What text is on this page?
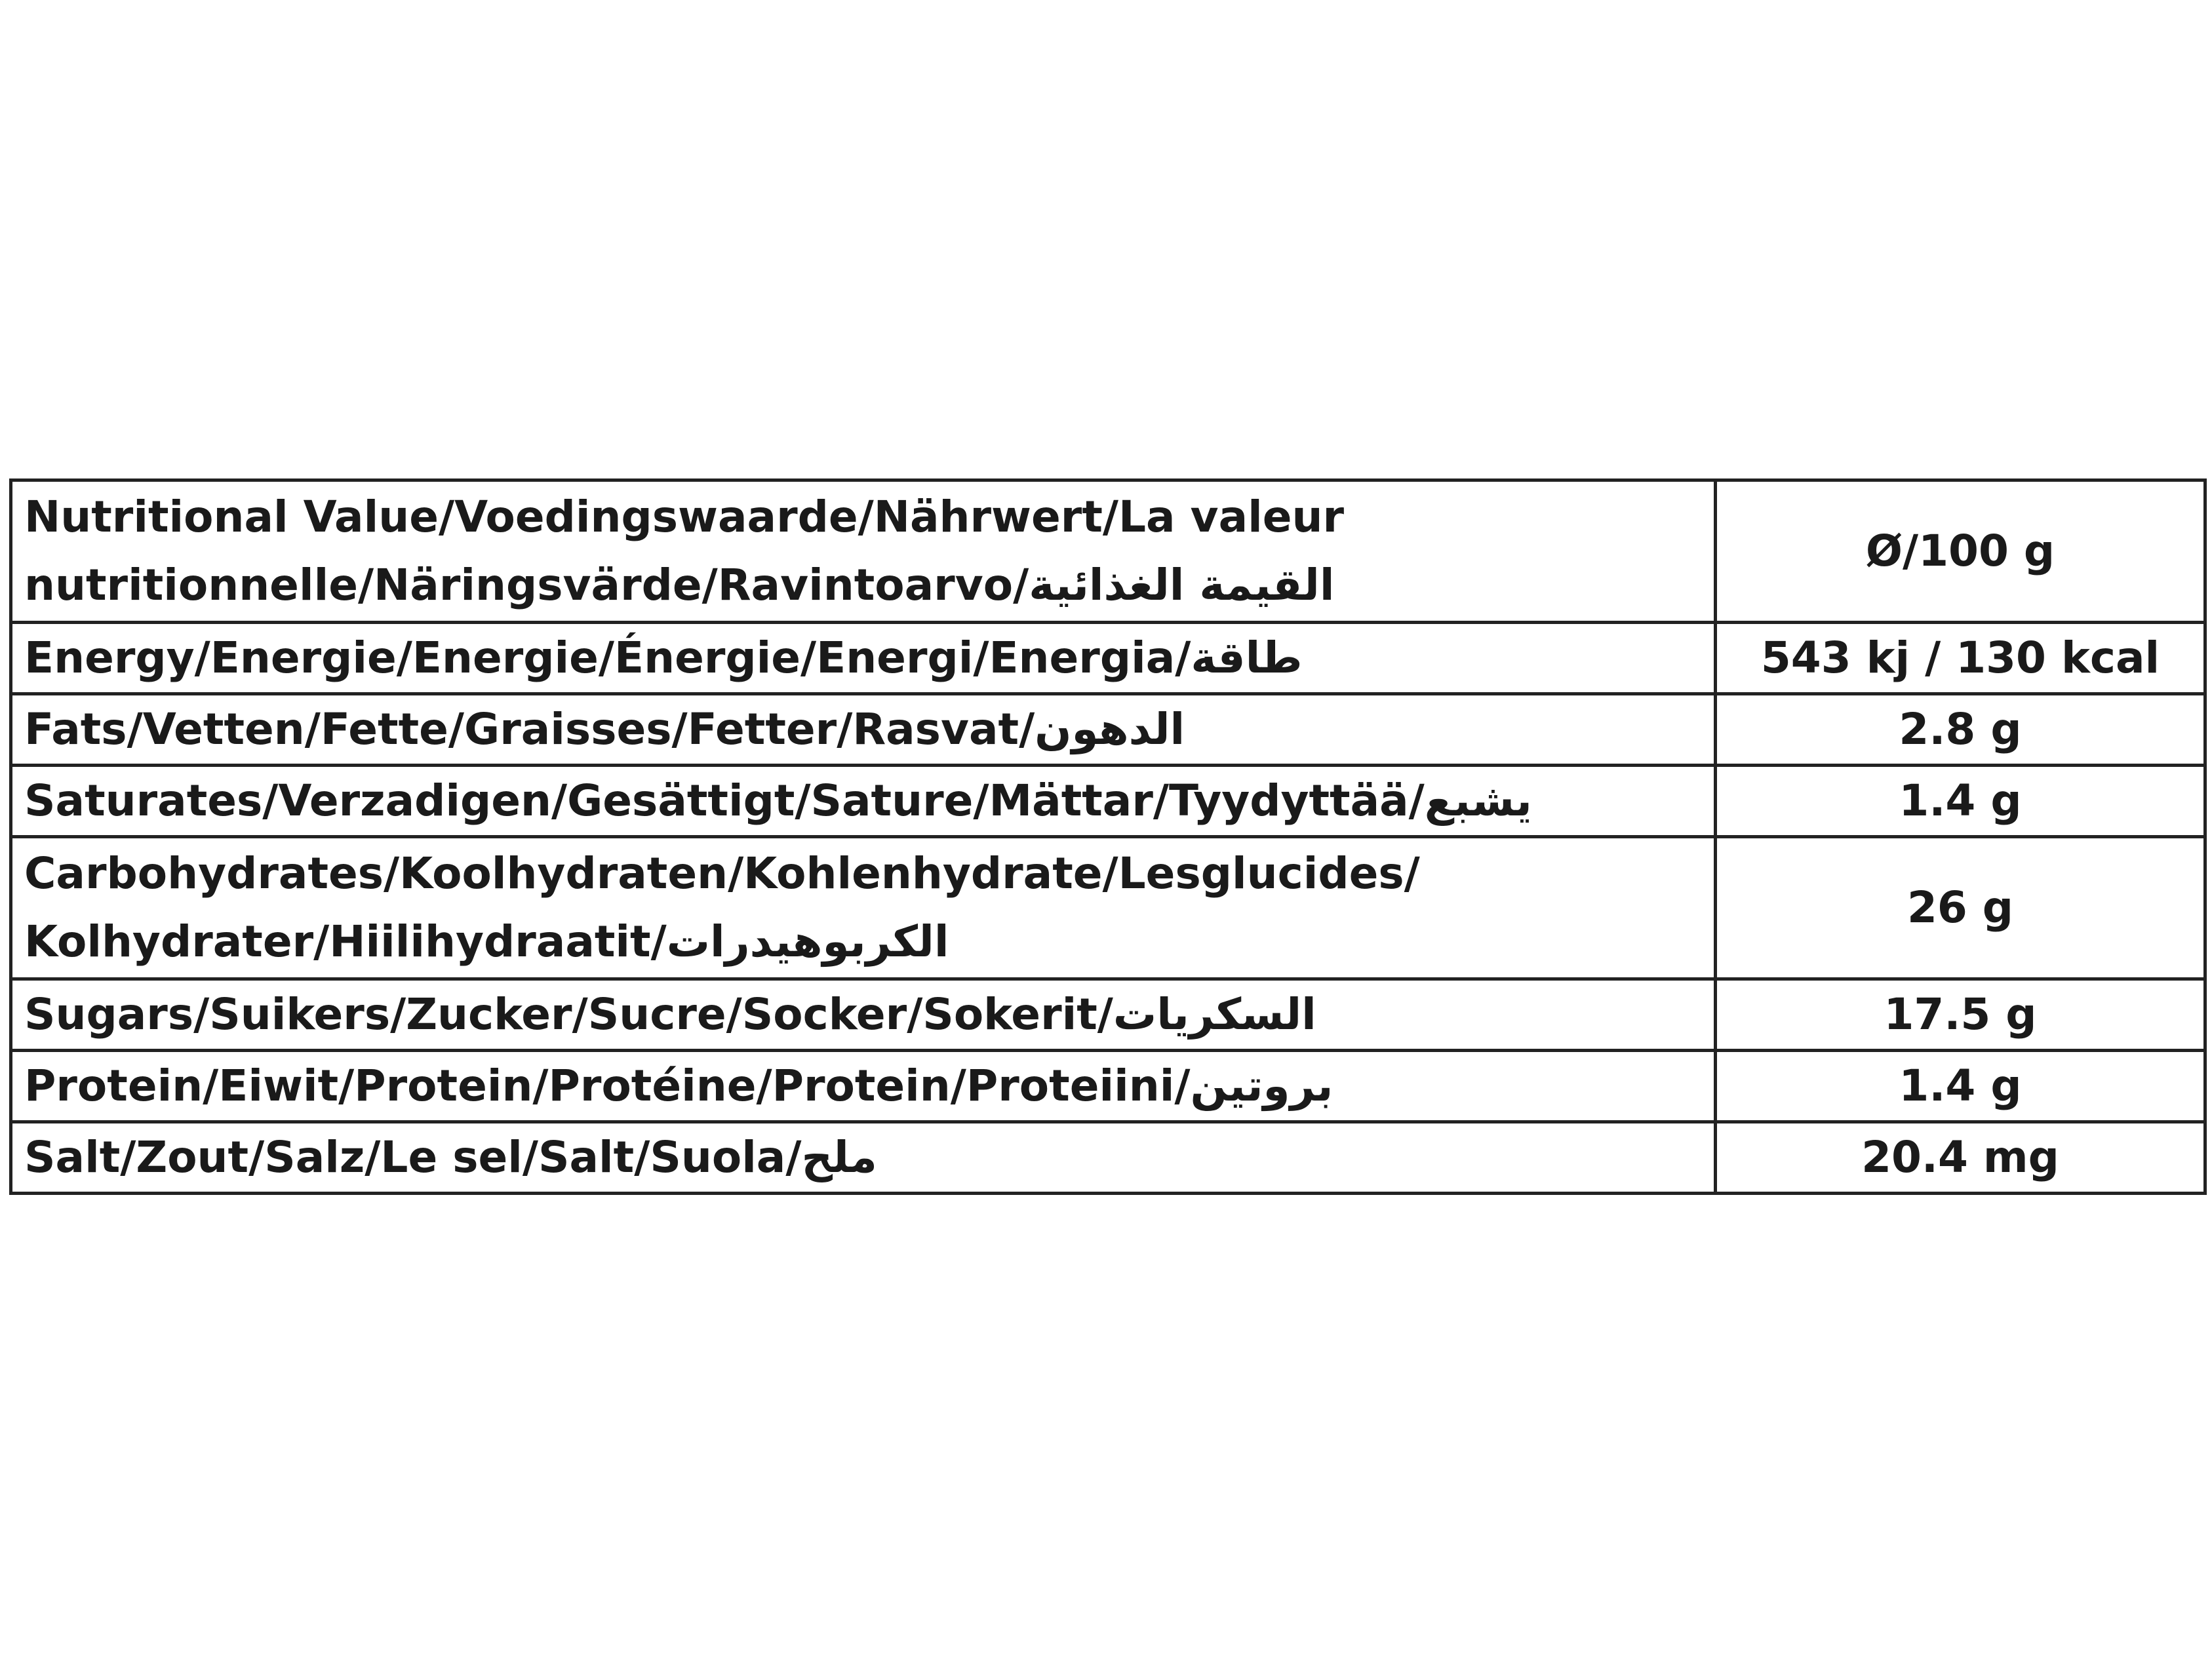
Nutritional Value/Voedingswaarde/Nährwert/La valeur nutritionnelle/Näringsvärde/Ravintoarvo/القيمة الغذائية	Ø/100 g
Energy/Energie/Energie/Énergie/Energi/Energia/طاقة	543 kj / 130 kcal
Fats/Vetten/Fette/Graisses/Fetter/Rasvat/الدهون	2.8 g
Saturates/Verzadigen/Gesättigt/Sature/Mättar/Tyydyttää/يشبع	1.4 g
Carbohydrates/Koolhydraten/Kohlenhydrate/Lesglucides/ Kolhydrater/Hiilihydraatit/الكربوهيدرات	26 g
Sugars/Suikers/Zucker/Sucre/Socker/Sokerit/السكريات	17.5 g
Protein/Eiwit/Protein/Protéine/Protein/Proteiini/بروتين	1.4 g
Salt/Zout/Salz/Le sel/Salt/Suola/ملح	20.4 mg
